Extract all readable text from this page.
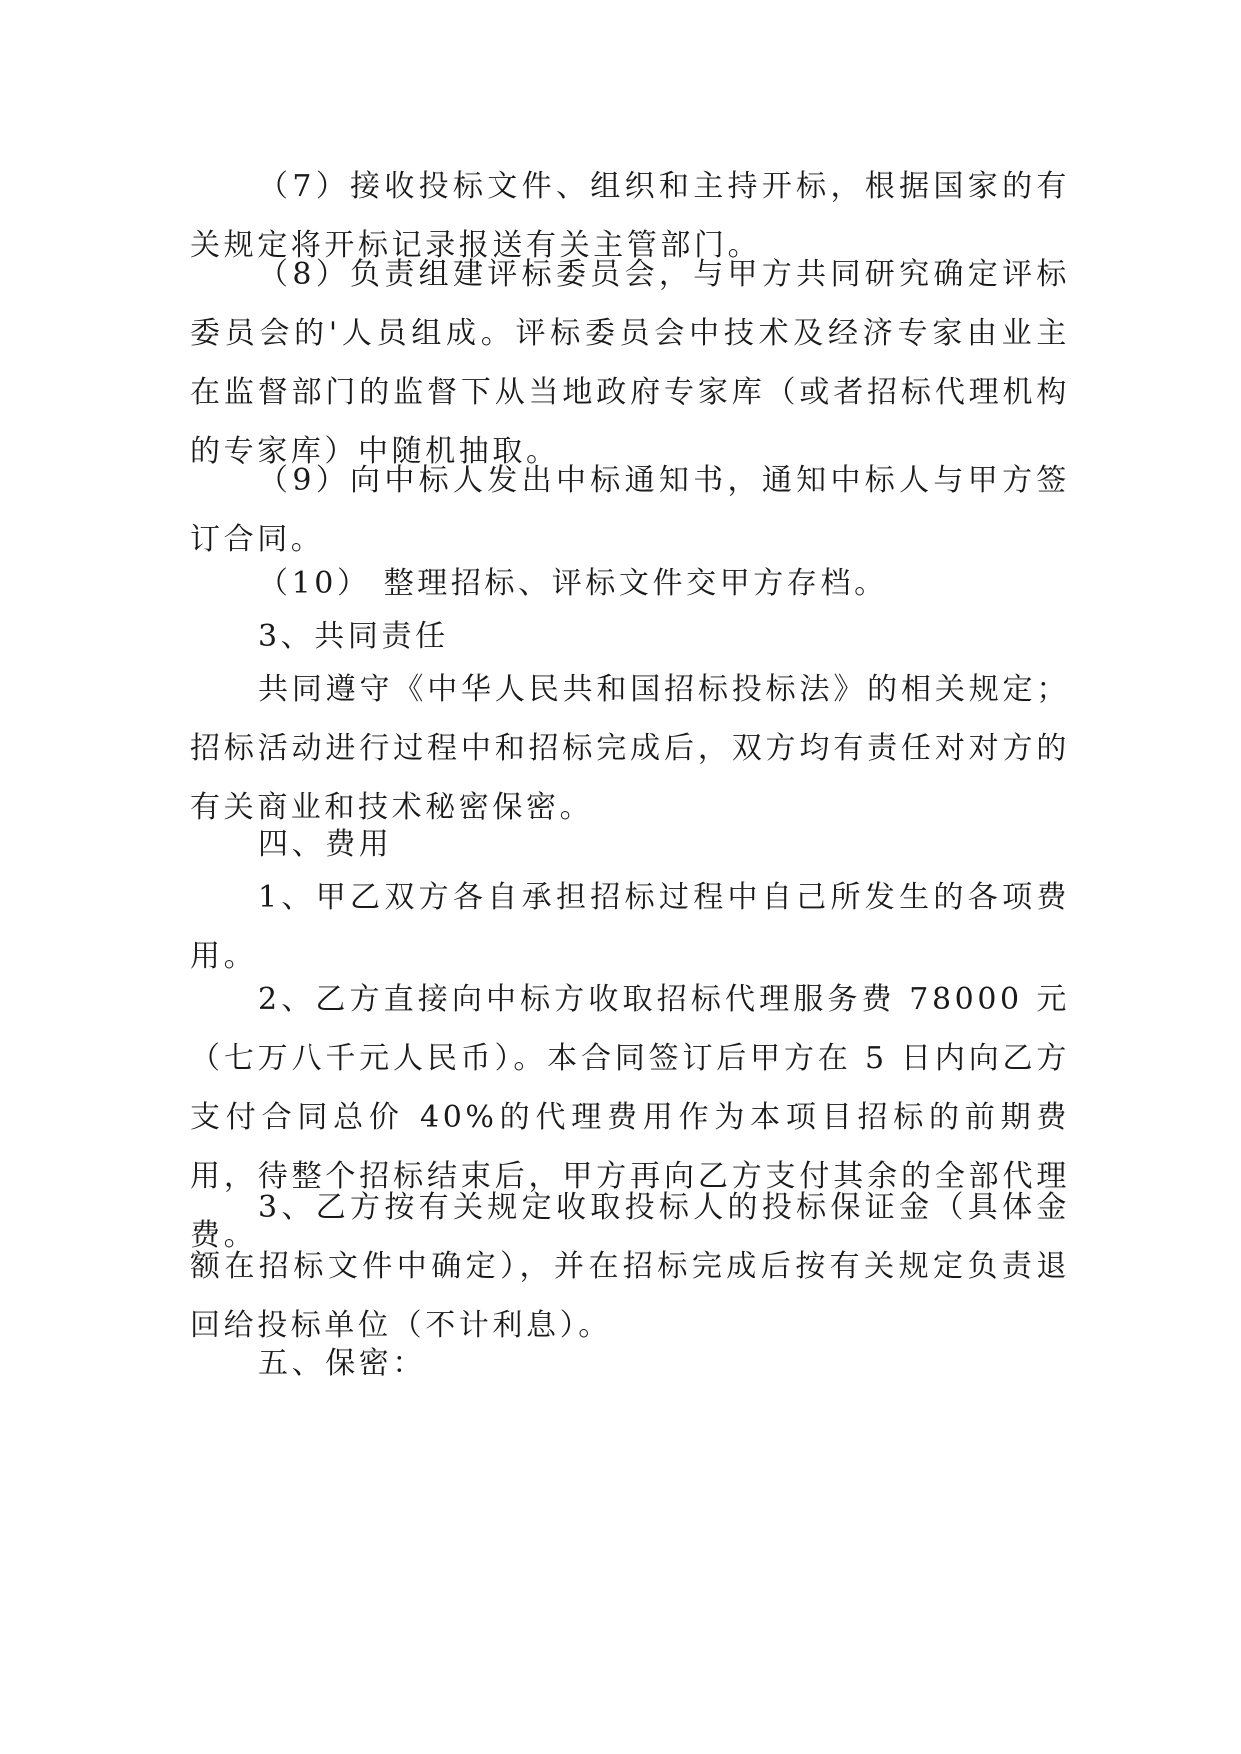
（7）接收投标文件、组织和主持开标，根据国家的有关规定将开标记录报送有关主管部门。

（8）负责组建评标委员会，与甲方共同研究确定评标委员会的'人员组成。评标委员会中技术及经济专家由业主在监督部门的监督下从当地政府专家库（或者招标代理机构的专家库）中随机抽取。

（9）向中标人发出中标通知书，通知中标人与甲方签订合同。

（10） 整理招标、评标文件交甲方存档。

3、共同责任

共同遵守《中华人民共和国招标投标法》的相关规定；招标活动进行过程中和招标完成后，双方均有责任对对方的有关商业和技术秘密保密。

四、费用

1、甲乙双方各自承担招标过程中自己所发生的各项费用。

2、乙方直接向中标方收取招标代理服务费 78000 元（七万八千元人民币）。本合同签订后甲方在 5 日内向乙方支付合同总价 40%的代理费用作为本项目招标的前期费用，待整个招标结束后，甲方再向乙方支付其余的全部代理费。

3、乙方按有关规定收取投标人的投标保证金（具体金额在招标文件中确定），并在招标完成后按有关规定负责退回给投标单位（不计利息）。

五、保密：
